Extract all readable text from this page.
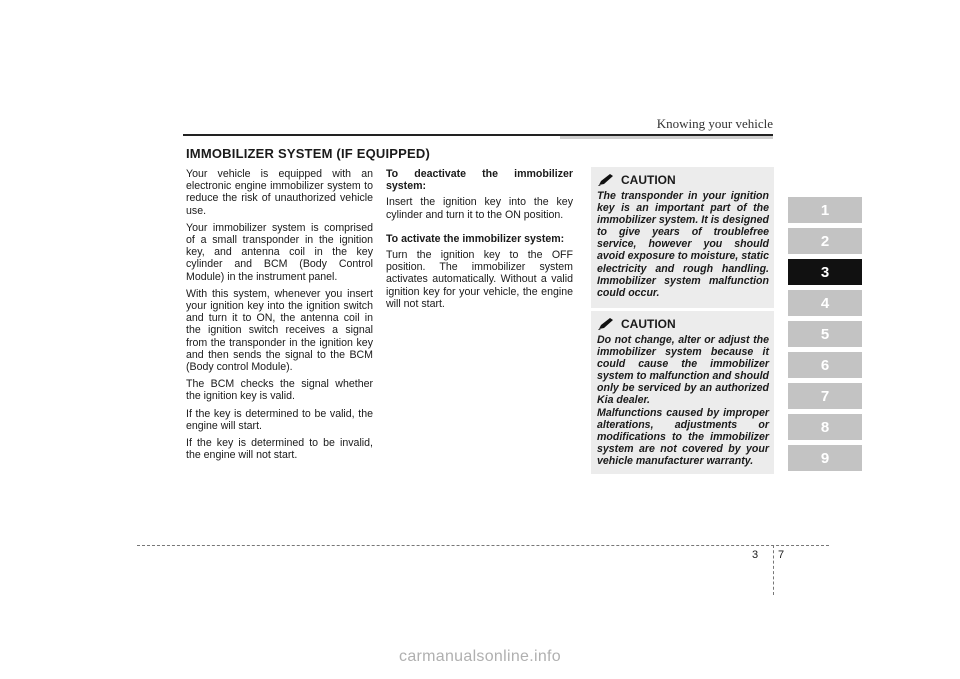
Knowing your vehicle
IMMOBILIZER SYSTEM (IF EQUIPPED)

Your vehicle is equipped with an electronic engine immobilizer system to reduce the risk of unauthorized vehicle use.

Your immobilizer system is comprised of a small transponder in the ignition key, and antenna coil in the key cylinder and BCM (Body Control Module) in the instrument panel.

With this system, whenever you insert your ignition key into the ignition switch and turn it to ON, the antenna coil in the ignition switch receives a signal from the transponder in the ignition key and then sends the signal to the BCM (Body control Module).

The BCM checks the signal whether the ignition key is valid.

If the key is determined to be valid, the engine will start.

If the key is determined to be invalid, the engine will not start.

To deactivate the immobilizer system:

Insert the ignition key into the key cylinder and turn it to the ON position.

To activate the immobilizer system:

Turn the ignition key to the OFF position. The immobilizer system activates automatically. Without a valid ignition key for your vehicle, the engine will not start.

CAUTION

The transponder in your ignition key is an important part of the immobilizer system. It is designed to give years of troublefree service, however you should avoid exposure to moisture, static electricity and rough handling. Immobilizer system malfunction could occur.

CAUTION

Do not change, alter or adjust the immobilizer system because it could cause the immobilizer system to malfunction and should only be serviced by an authorized Kia dealer.

Malfunctions caused by improper alterations, adjustments or modifications to the immobilizer system are not covered by your vehicle manufacturer warranty.

1
2
3
4
5
6
7
8
9
3 7
carmanualsonline.info
